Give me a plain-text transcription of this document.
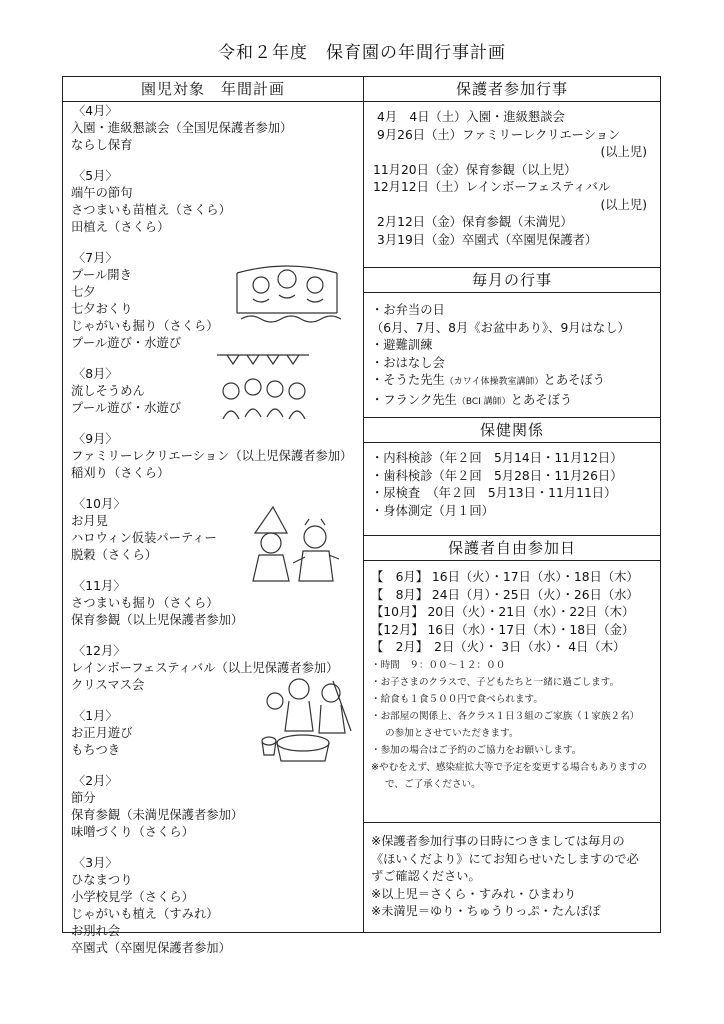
令和２年度　保育園の年間行事計画
園児対象　年間計画
〈4月〉
入園・進級懇談会（全国児保護者参加）
ならし保育
〈5月〉
端午の節句
さつまいも苗植え（さくら）
田植え（さくら）
〈7月〉
プール開き
七夕
七夕おくり
じゃがいも掘り（さくら）
プール遊び・水遊び
〈8月〉
流しそうめん
プール遊び・水遊び
〈9月〉
ファミリーレクリエーション（以上児保護者参加）
稲刈り（さくら）
〈10月〉
お月見
ハロウィン仮装パーティー
脱穀（さくら）
〈11月〉
さつまいも掘り（さくら）
保育参観（以上児保護者参加）
〈12月〉
レインボーフェスティバル（以上児保護者参加）
クリスマス会
〈1月〉
お正月遊び
もちつき
〈2月〉
節分
保育参観（未満児保護者参加）
味噌づくり（さくら）
〈3月〉
ひなまつり
小学校見学（さくら）
じゃがいも植え（すみれ）
お別れ会
卒園式（卒園児保護者参加）
保護者参加行事
4月　4日（土）入園・進級懇談会
9月26日（土）ファミリーレクリエーション
(以上児)
11月20日（金）保育参観（以上児）
12月12日（土）レインボーフェスティバル
(以上児)
2月12日（金）保育参観（未満児）
3月19日（金）卒園式（卒園児保護者）
毎月の行事
・お弁当の日
（6月、7月、8月《お盆中あり》、9月はなし）
・避難訓練
・おはなし会
・そうた先生（カワイ体操教室講師）とあそぼう
・フランク先生（BCI 講師）とあそぼう
保健関係
・内科検診（年２回　5月14日・11月12日）
・歯科検診（年２回　5月28日・11月26日）
・尿検査　（年２回　5月13日・11月11日）
・身体測定（月１回）
保護者自由参加日
【　6月】 16日（火）・17日（水）・18日（木）
【　8月】 24日（月）・25日（火）・26日（水）
【10月】 20日（火）・21日（水）・22日（木）
【12月】 16日（水）・17日（木）・18日（金）
【　2月】　2日（火）・ 3日（水）・ 4日（木）
・時間　９：００～１２：００
・お子さまのクラスで、子どもたちと一緒に過ごします。
・給食も１食５００円で食べられます。
・お部屋の関係上、各クラス１日３組のご家族（１家族２名）
の参加とさせていただきます。
・参加の場合はご予約のご協力をお願いします。
※やむをえず、感染症拡大等で予定を変更する場合もありますの
で、ご了承ください。
※保護者参加行事の日時につきましては毎月の
《ほいくだより》にてお知らせいたしますので必
ずご確認ください。
※以上児＝さくら・すみれ・ひまわり
※未満児＝ゆり・ちゅうりっぷ・たんぽぽ
